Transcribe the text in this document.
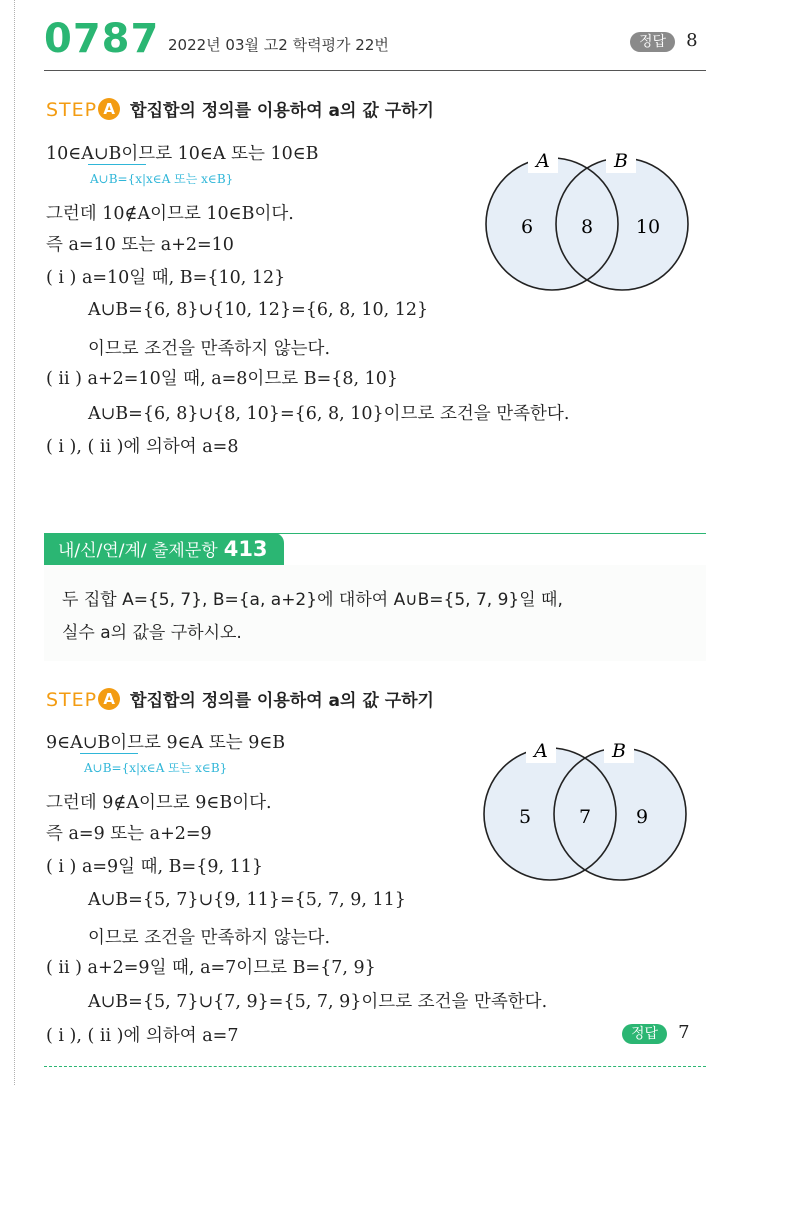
0787 2022년 03월 고2 학력평가 22번	정답 8
STEP A 합집합의 정의를 이용하여 a의 값 구하기
10∈A∪B이므로 10∈A 또는 10∈B
A∪B={x|x∈A 또는 x∈B}
그런데 10∉A이므로 10∈B이다.
즉 a=10 또는 a+2=10
( i ) a=10일 때, B={10, 12}
A∪B={6, 8}∪{10, 12}={6, 8, 10, 12}
이므로 조건을 만족하지 않는다.
( ii ) a+2=10일 때, a=8이므로 B={8, 10}
A∪B={6, 8}∪{8, 10}={6, 8, 10}이므로 조건을 만족한다.
( i ), ( ii )에 의하여 a=8
A	B
6	8 10
내/신/연/계/ 출제문항 413
두 집합 A={5, 7}, B={a, a+2}에 대하여 A∪B={5, 7, 9}일 때,
실수 a의 값을 구하시오.
STEP A 합집합의 정의를 이용하여 a의 값 구하기
9∈A∪B이므로 9∈A 또는 9∈B
A∪B={x|x∈A 또는 x∈B}
그런데 9∉A이므로 9∈B이다.
즉 a=9 또는 a+2=9
( i ) a=9일 때, B={9, 11}
A∪B={5, 7}∪{9, 11}={5, 7, 9, 11}
이므로 조건을 만족하지 않는다.
( ii ) a+2=9일 때, a=7이므로 B={7, 9}
A∪B={5, 7}∪{7, 9}={5, 7, 9}이므로 조건을 만족한다.
( i ), ( ii )에 의하여 a=7
A	B
5	7 9
정답 7
